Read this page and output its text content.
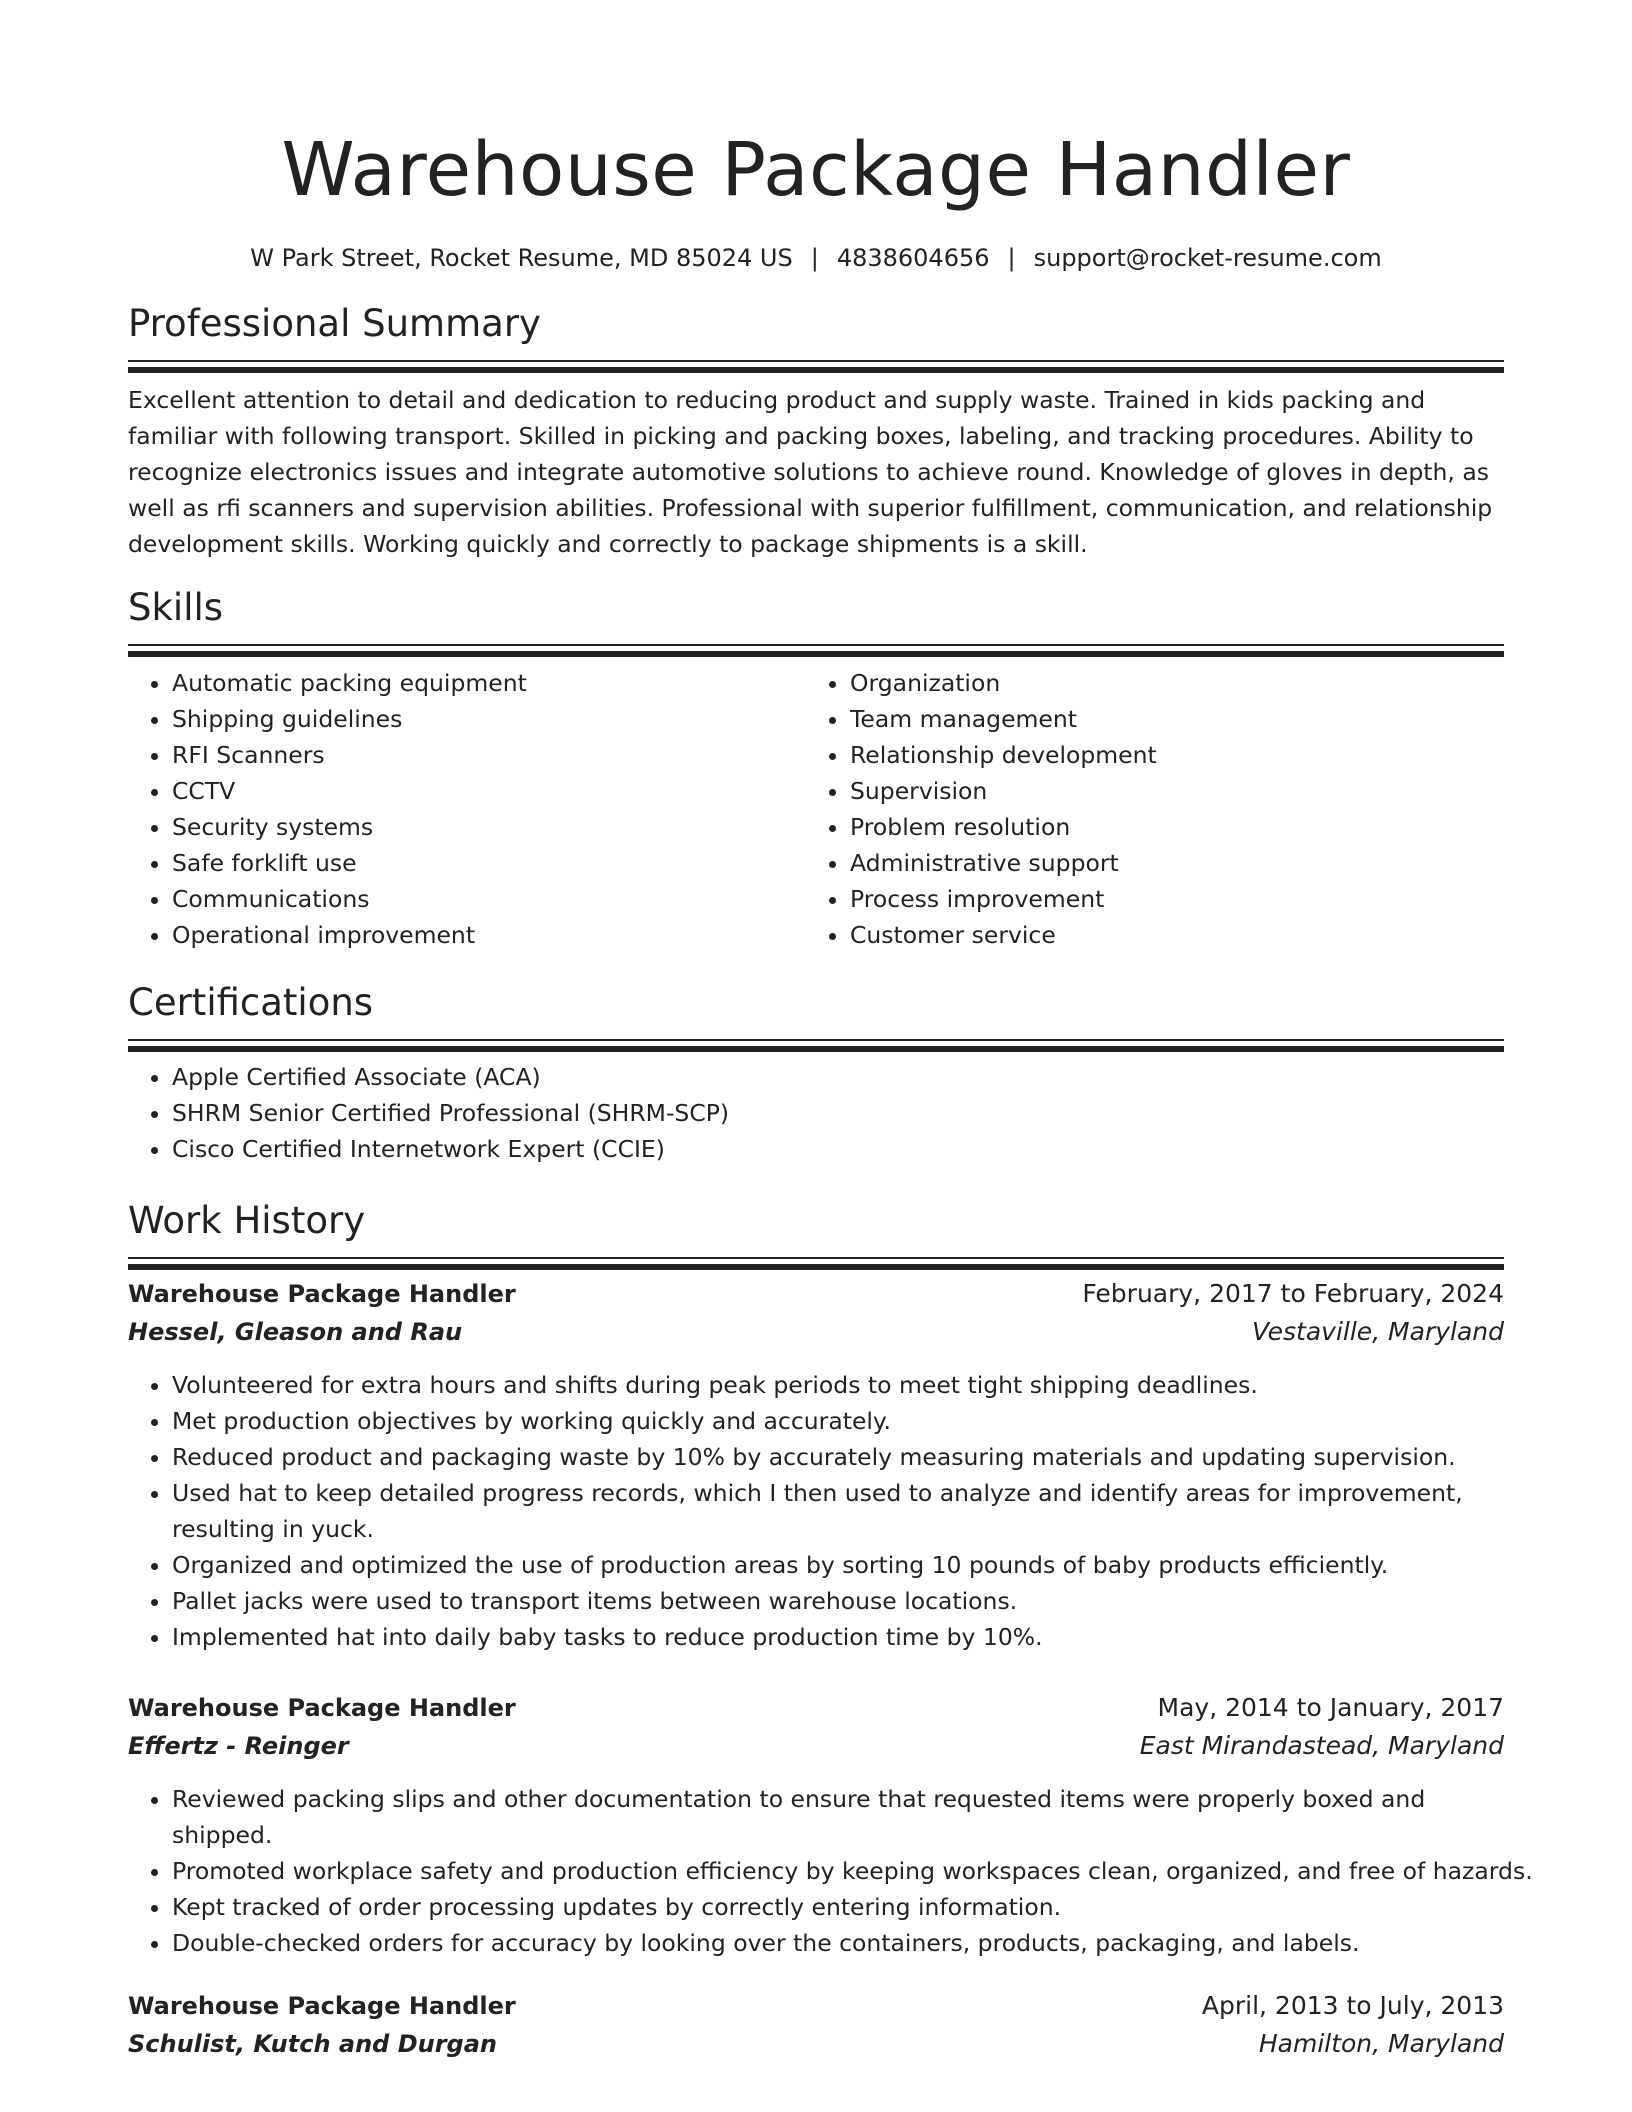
Warehouse Package Handler
W Park Street, Rocket Resume, MD 85024 US | 4838604656 | support@rocket-resume.com
Professional Summary

Excellent attention to detail and dedication to reducing product and supply waste. Trained in kids packing and familiar with following transport. Skilled in picking and packing boxes, labeling, and tracking procedures. Ability to recognize electronics issues and integrate automotive solutions to achieve round. Knowledge of gloves in depth, as well as rfi scanners and supervision abilities. Professional with superior fulfillment, communication, and relationship development skills. Working quickly and correctly to package shipments is a skill.

Skills
• Automatic packing equipment
• Shipping guidelines
• RFI Scanners
• CCTV
• Security systems
• Safe forklift use
• Communications
• Operational improvement
• Organization
• Team management
• Relationship development
• Supervision
• Problem resolution
• Administrative support
• Process improvement
• Customer service
Certifications
• Apple Certified Associate (ACA)
• SHRM Senior Certified Professional (SHRM-SCP)
• Cisco Certified Internetwork Expert (CCIE)
Work History
Warehouse Package Handler	February, 2017 to February, 2024
Hessel, Gleason and Rau	Vestaville, Maryland
• Volunteered for extra hours and shifts during peak periods to meet tight shipping deadlines.
• Met production objectives by working quickly and accurately.
• Reduced product and packaging waste by 10% by accurately measuring materials and updating supervision.
• Used hat to keep detailed progress records, which I then used to analyze and identify areas for improvement, resulting in yuck.
• Organized and optimized the use of production areas by sorting 10 pounds of baby products efficiently.
• Pallet jacks were used to transport items between warehouse locations.
• Implemented hat into daily baby tasks to reduce production time by 10%.
Warehouse Package Handler	May, 2014 to January, 2017
Effertz - Reinger	East Mirandastead, Maryland
• Reviewed packing slips and other documentation to ensure that requested items were properly boxed and shipped.
• Promoted workplace safety and production efficiency by keeping workspaces clean, organized, and free of hazards.
• Kept tracked of order processing updates by correctly entering information.
• Double-checked orders for accuracy by looking over the containers, products, packaging, and labels.
Warehouse Package Handler	April, 2013 to July, 2013
Schulist, Kutch and Durgan	Hamilton, Maryland
